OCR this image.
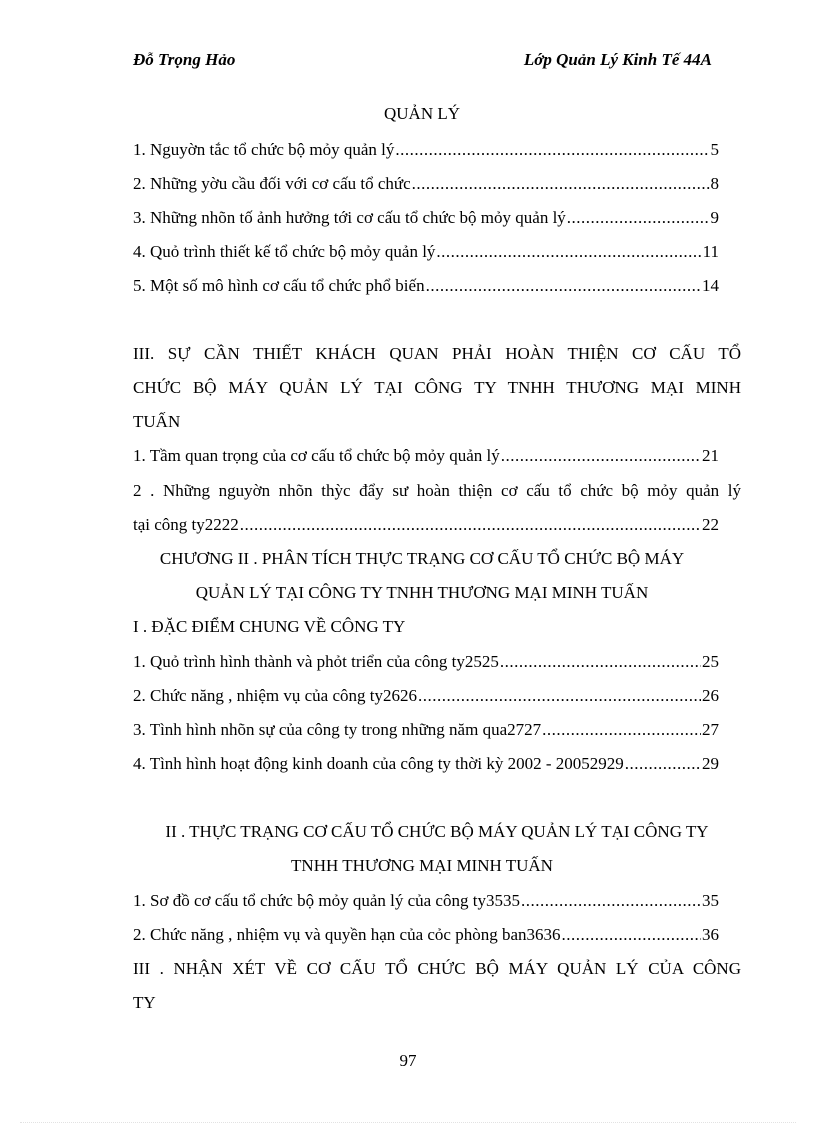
Đỗ Trọng Hảo	Lớp Quản Lý Kinh Tế 44A
QUẢN LÝ
1. Nguyờn tắc tổ chức bộ mỏy quản lý .....	5
2. Những yờu cầu đối với cơ cấu tổ chức .....	8
3. Những nhõn tố ảnh hưởng tới cơ cấu tổ chức bộ mỏy quản lý .....	9
4. Quỏ trình thiết kế tổ chức bộ mỏy quản lý .....	11
5. Một số mô hình cơ cấu tổ chức phổ biến .....	14
III. SỰ CẦN THIẾT KHÁCH QUAN PHẢI HOÀN THIỆN CƠ CẤU TỔ
CHỨC BỘ MÁY QUẢN LÝ TẠI CÔNG TY TNHH THƯƠNG MẠI MINH
TUẤN
1. Tầm quan trọng của cơ cấu tổ chức bộ mỏy quản lý .....	21
2 . Những nguyờn nhõn thỳc đẩy sư hoàn thiện cơ cấu tổ chức bộ mỏy quản lý
tại công ty2222 .....	22
CHƯƠNG II . PHÂN TÍCH THỰC TRẠNG CƠ CẤU TỔ CHỨC BỘ MÁY
QUẢN LÝ TẠI CÔNG TY TNHH THƯƠNG MẠI MINH TUẤN
I . ĐẶC ĐIỂM CHUNG VỀ CÔNG TY
1. Quỏ trình hình thành và phỏt triển của công ty2525 .....	25
2. Chức năng , nhiệm vụ của công ty2626 .....	26
3. Tình hình nhõn sự của công ty trong những năm qua2727 .....	27
4. Tình hình hoạt động kinh doanh của công ty thời kỳ 2002 - 20052929 .....	29
II . THỰC TRẠNG CƠ CẤU TỔ CHỨC BỘ MÁY QUẢN LÝ TẠI CÔNG TY
TNHH THƯƠNG MẠI MINH TUẤN
1. Sơ đồ cơ cấu tổ chức bộ mỏy quản lý của công ty3535 .....	35
2. Chức năng , nhiệm vụ và quyền hạn của cỏc phòng ban3636 .....	36
III . NHẬN XÉT VỀ CƠ CẤU TỔ CHỨC BỘ MÁY QUẢN LÝ CỦA CÔNG
TY
97
